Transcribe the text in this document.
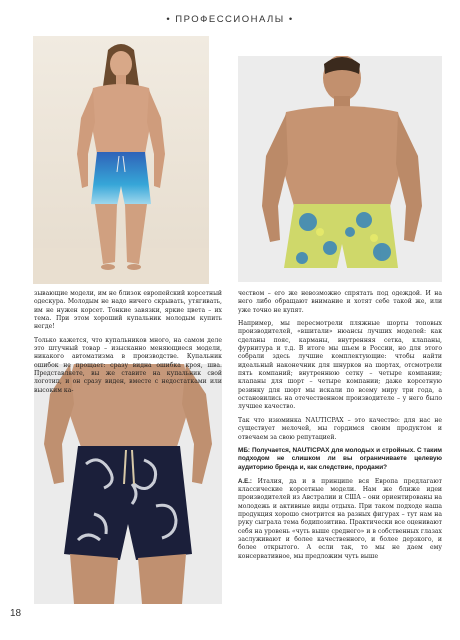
• ПРОФЕССИОНАЛЫ •

зывающие модели, им не близок европейский корсетный одескура. Молодым не надо ничего скрывать, утягивать, им не нужен корсет. Тонкие завязки, яркие цвета – их тема. При этом хороший купальник молодым купить негде!

Только кажется, что купальников много, на самом деле это штучный товар – изысканно меняющиеся модели, никакого автоматизма в производстве. Купальник ошибок не прощает: сразу видна ошибка кроя, шва. Представляете, вы же ставите на купальник свой логотип, и он сразу виден, вместе с недостатками или высоким ка-

чеством – его же невозможно спрятать под одеждой. И на него либо обращают вниманиe и хотят себе такой же, или уже точно не купят.

Например, мы пересмотрели пляжные шорты топовых производителей, «вшитали» нюансы лучших моделей: как сделаны пояс, карманы, внутренняя сетка, клапаны, фурнитура и т.д. В итоге мы шьем в России, но для этого собрали здесь лучшие комплектующие: чтобы найти идеальный наконечник для шнурков на шортах, отсмотрели пять компаний; внутреннюю сетку – четыре компании; клапаны для шорт – четыре компании; даже корсетную резинку для шорт мы искали по всему миру три года, а остановились на отечественном производителе – у него было лучшее качество.

Так что изюминка NAUTICPAX – это качество: для нас не существует мелочей, мы гордимся своим продуктом и отвечаем за свою репутацией.

МБ: Получается, NAUTICPAX для молодых и стройных. С таким подходом не слишком ли вы ограничиваете целевую аудиторию бренда и, как следствие, продажи?

А.Е.: Италия, да и в принципе вся Европа предлагают классические корсетные модели. Нам же ближе идеи производителей из Австралии и США – они ориентированы на молодежь и активные виды отдыха. При таком подходе наша продукция хорошо смотрится на разных фигурах – тут нам на руку сыграла тема бодипозитива. Практически все оценивают себя на уровень «чуть выше среднего» и в собственных глазах заслуживают и более качественного, и более дерзкого, и более открытого. А если так, то мы не даем ему консервативное, мы предложим чуть выше

18
